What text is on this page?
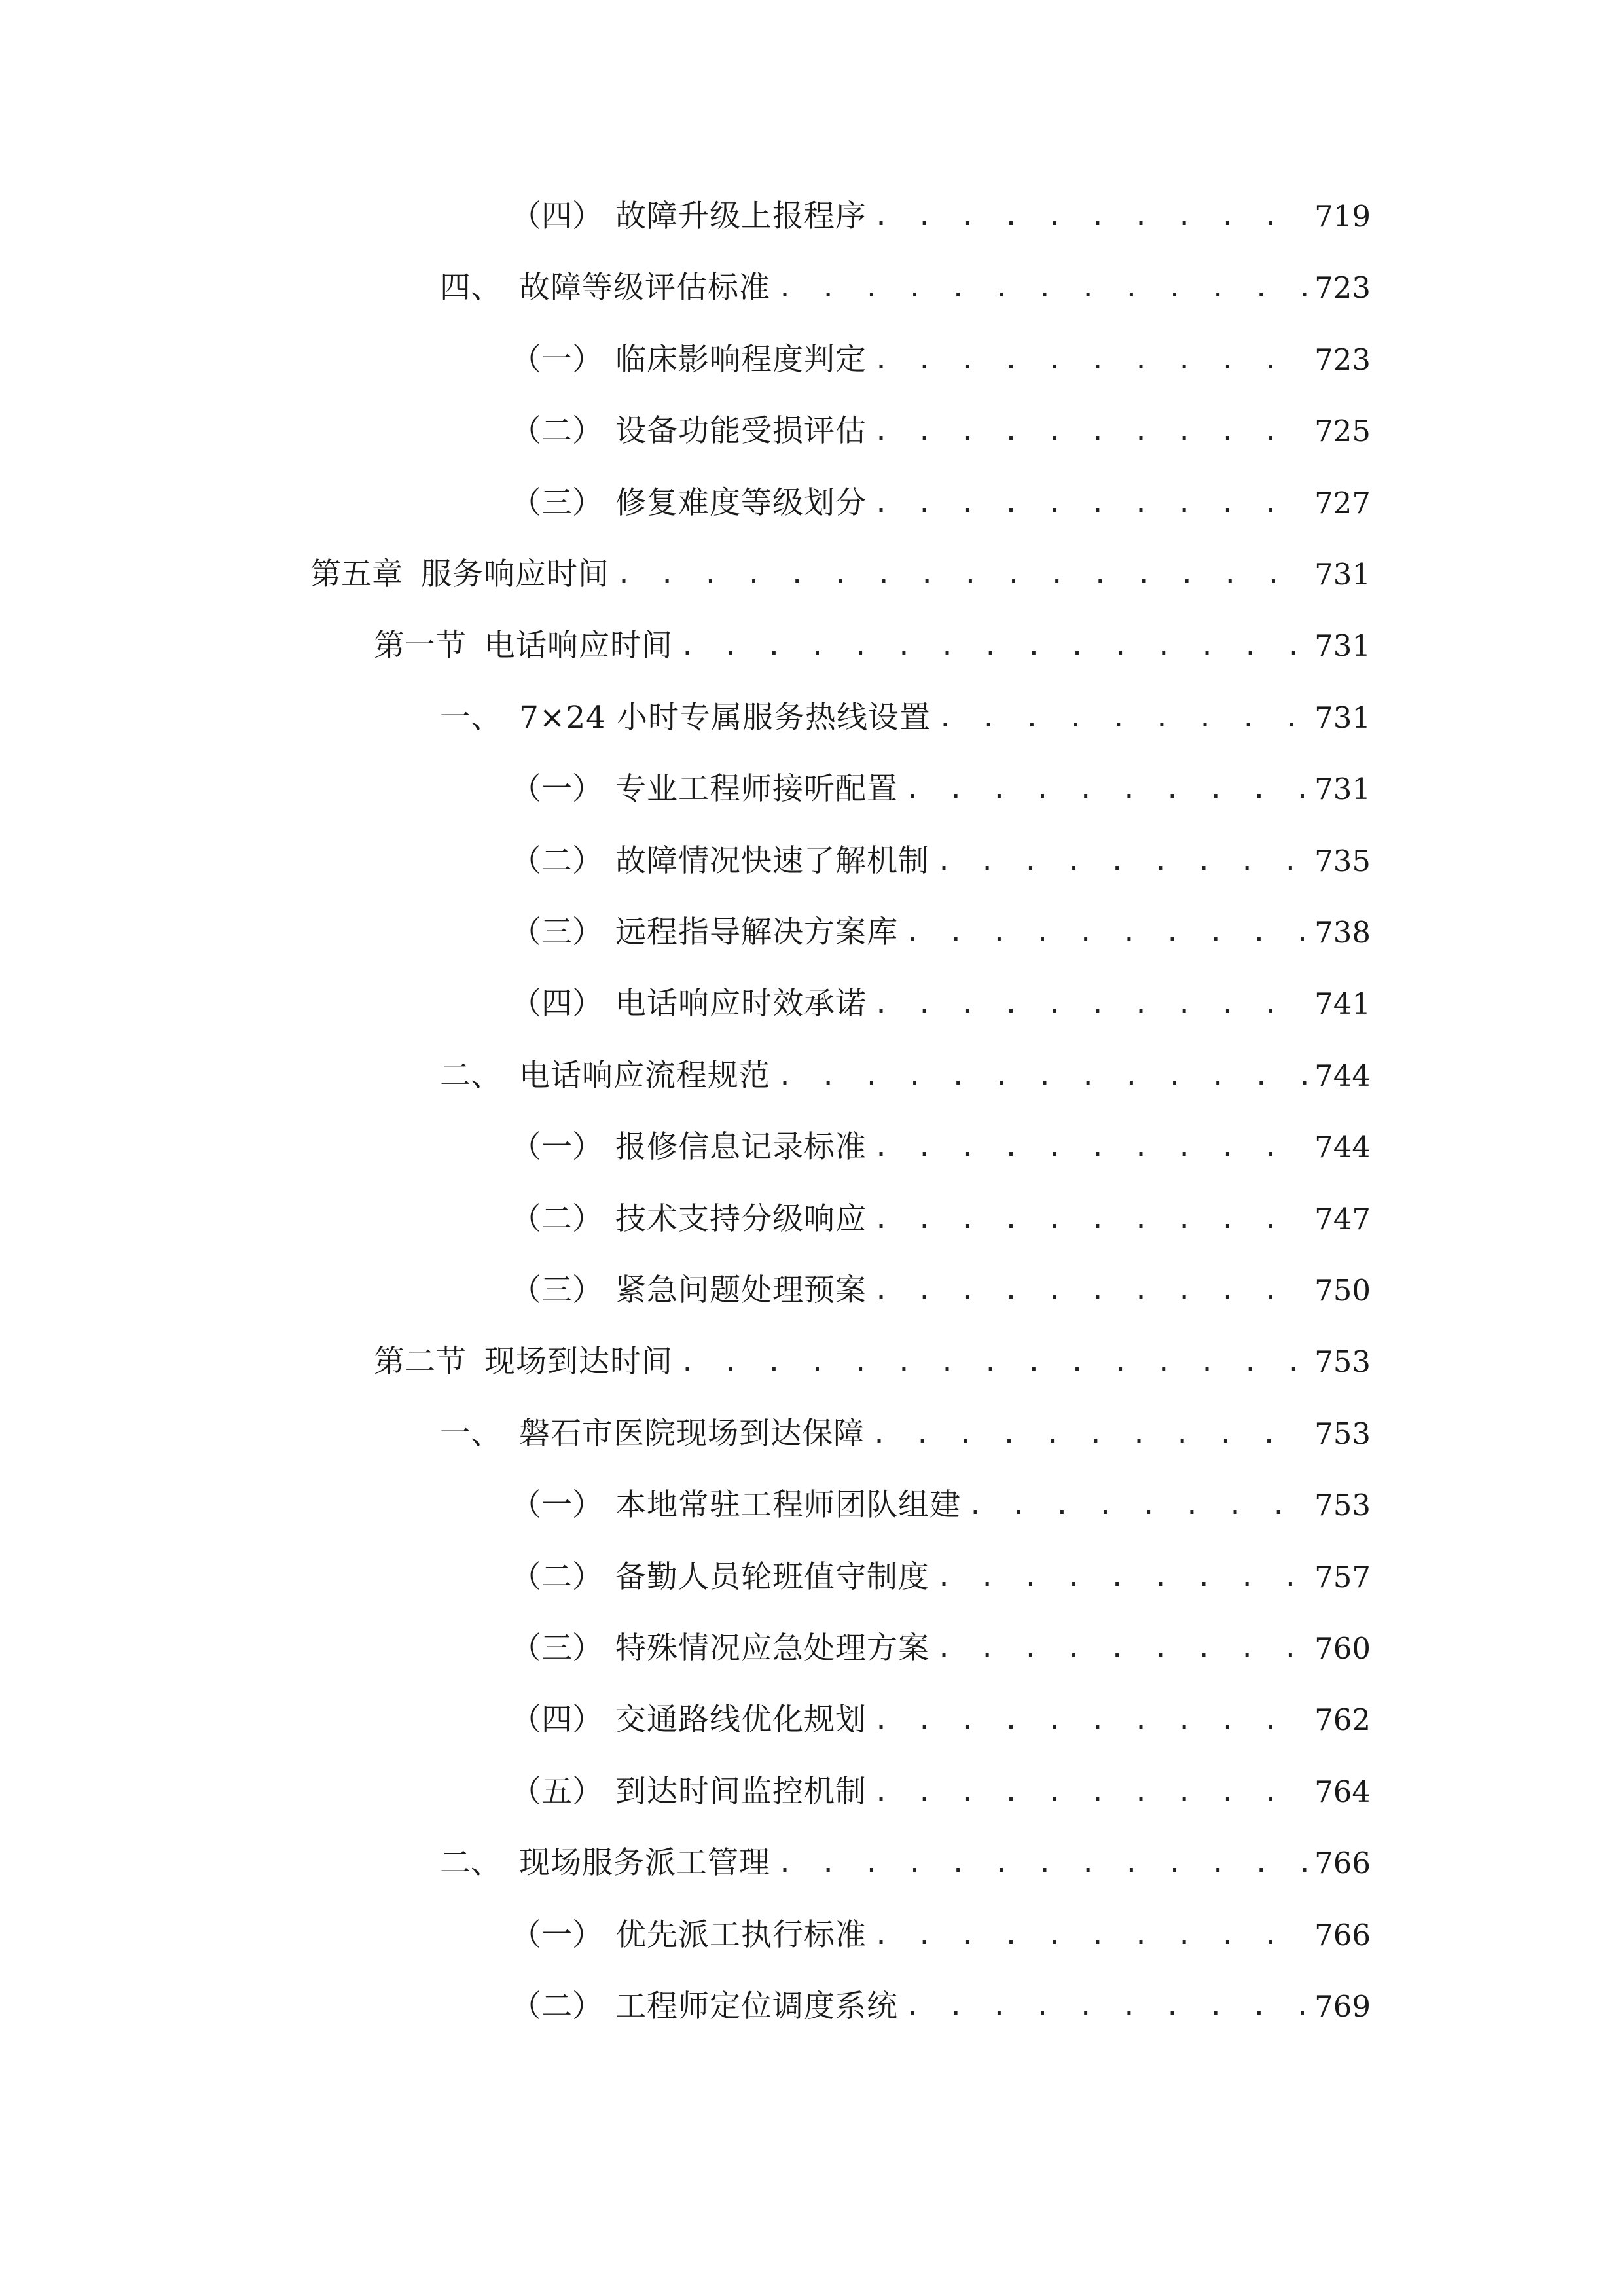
（四） 故障升级上报程序 . . .	719
四、 故障等级评估标准 . . .	723
（一） 临床影响程度判定 . . .	723
（二） 设备功能受损评估 . . .	725
（三） 修复难度等级划分 . . .	727
第五章 服务响应时间 . . .	731
第一节 电话响应时间 . . .	731
一、 7×24 小时专属服务热线设置 . . .	731
（一） 专业工程师接听配置 . . .	731
（二） 故障情况快速了解机制 . . .	735
（三） 远程指导解决方案库 . . .	738
（四） 电话响应时效承诺 . . .	741
二、 电话响应流程规范 . . .	744
（一） 报修信息记录标准 . . .	744
（二） 技术支持分级响应 . . .	747
（三） 紧急问题处理预案 . . .	750
第二节 现场到达时间 . . .	753
一、 磐石市医院现场到达保障 . . .	753
（一） 本地常驻工程师团队组建 . . .	753
（二） 备勤人员轮班值守制度 . . .	757
（三） 特殊情况应急处理方案 . . .	760
（四） 交通路线优化规划 . . .	762
（五） 到达时间监控机制 . . .	764
二、 现场服务派工管理 . . .	766
（一） 优先派工执行标准 . . .	766
（二） 工程师定位调度系统 . . .	769
